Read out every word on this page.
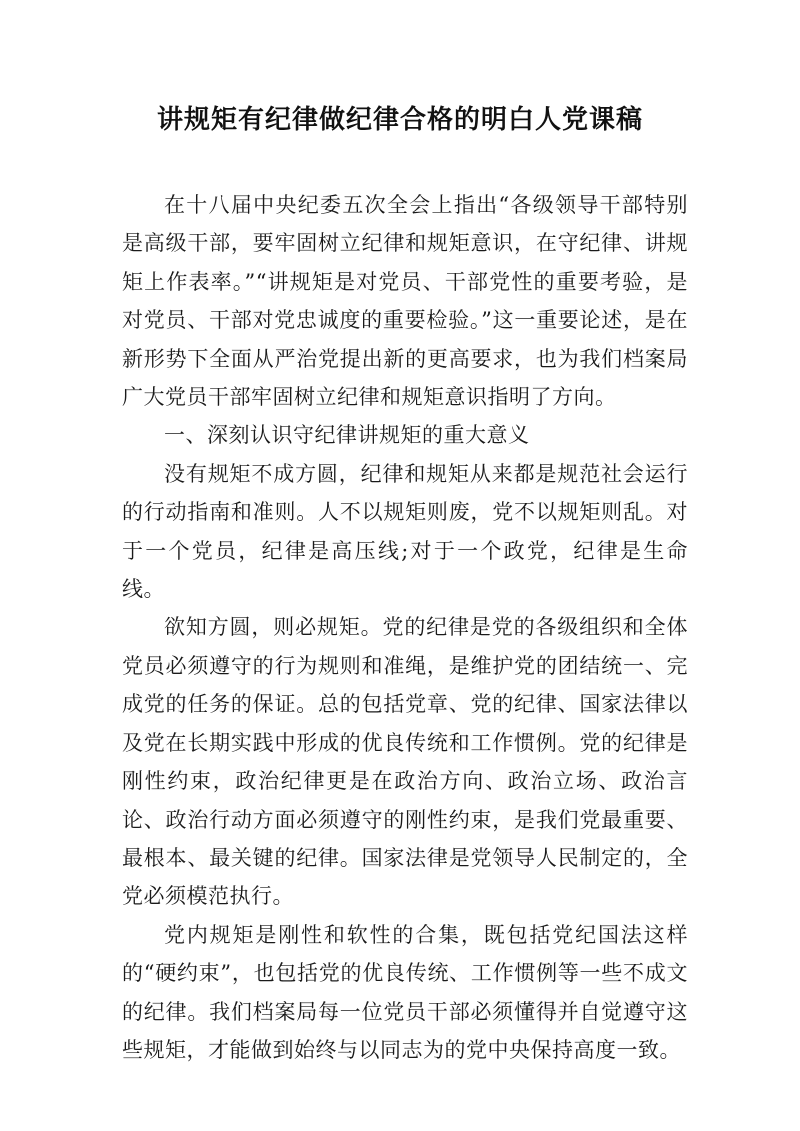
讲规矩有纪律做纪律合格的明白人党课稿

在十八届中央纪委五次全会上指出“各级领导干部特别是高级干部，要牢固树立纪律和规矩意识，在守纪律、讲规矩上作表率。”“讲规矩是对党员、干部党性的重要考验，是对党员、干部对党忠诚度的重要检验。”这一重要论述，是在新形势下全面从严治党提出新的更高要求，也为我们档案局广大党员干部牢固树立纪律和规矩意识指明了方向。

一、深刻认识守纪律讲规矩的重大意义

没有规矩不成方圆，纪律和规矩从来都是规范社会运行的行动指南和准则。人不以规矩则废，党不以规矩则乱。对于一个党员，纪律是高压线;对于一个政党，纪律是生命线。

欲知方圆，则必规矩。党的纪律是党的各级组织和全体党员必须遵守的行为规则和准绳，是维护党的团结统一、完成党的任务的保证。总的包括党章、党的纪律、国家法律以及党在长期实践中形成的优良传统和工作惯例。党的纪律是刚性约束，政治纪律更是在政治方向、政治立场、政治言论、政治行动方面必须遵守的刚性约束，是我们党最重要、最根本、最关键的纪律。国家法律是党领导人民制定的，全党必须模范执行。

党内规矩是刚性和软性的合集，既包括党纪国法这样的“硬约束”，也包括党的优良传统、工作惯例等一些不成文的纪律。我们档案局每一位党员干部必须懂得并自觉遵守这些规矩，才能做到始终与以同志为的党中央保持高度一致。
